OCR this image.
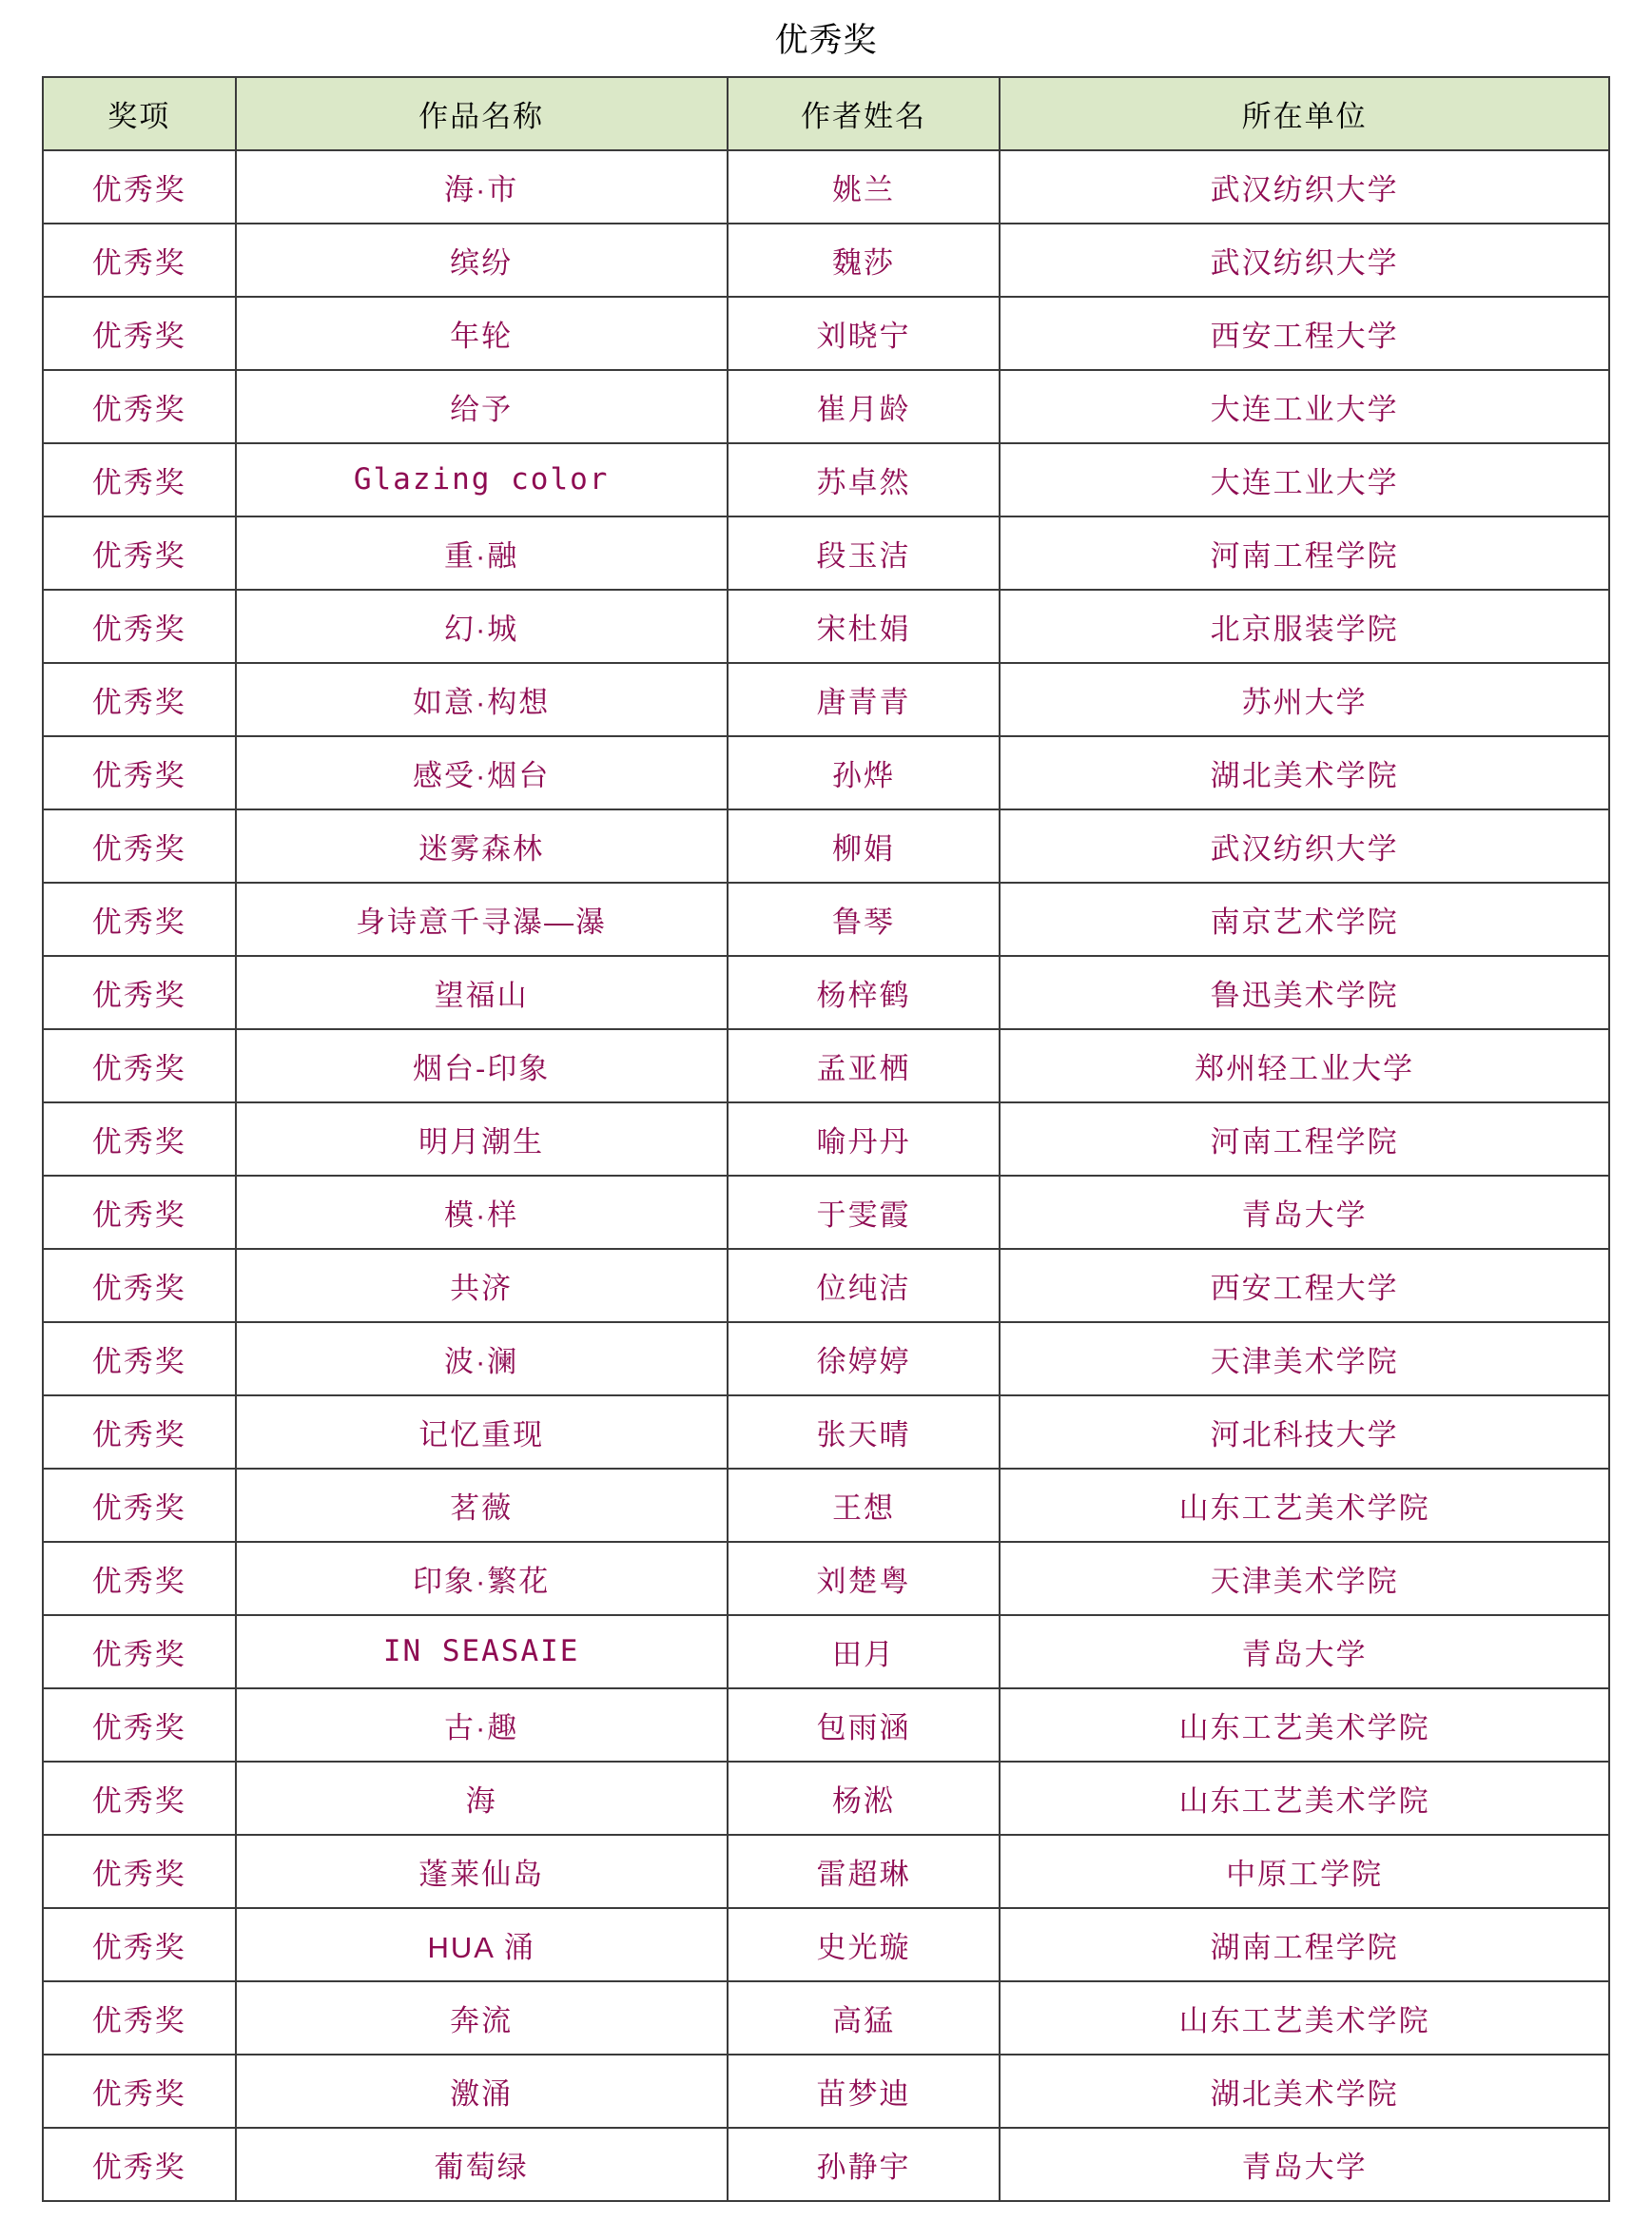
优秀奖
奖项	作品名称	作者姓名	所在单位
优秀奖	海·市	姚兰	武汉纺织大学
优秀奖	缤纷	魏莎	武汉纺织大学
优秀奖	年轮	刘晓宁	西安工程大学
优秀奖	给予	崔月龄	大连工业大学
优秀奖	Glazing color	苏卓然	大连工业大学
优秀奖	重·融	段玉洁	河南工程学院
优秀奖	幻·城	宋杜娟	北京服装学院
优秀奖	如意·构想	唐青青	苏州大学
优秀奖	感受·烟台	孙烨	湖北美术学院
优秀奖	迷雾森林	柳娟	武汉纺织大学
优秀奖	身诗意千寻瀑—瀑	鲁琴	南京艺术学院
优秀奖	望福山	杨梓鹤	鲁迅美术学院
优秀奖	烟台-印象	孟亚栖	郑州轻工业大学
优秀奖	明月潮生	喻丹丹	河南工程学院
优秀奖	模·样	于雯霞	青岛大学
优秀奖	共济	位纯洁	西安工程大学
优秀奖	波·澜	徐婷婷	天津美术学院
优秀奖	记忆重现	张天晴	河北科技大学
优秀奖	茗薇	王想	山东工艺美术学院
优秀奖	印象·繁花	刘楚粤	天津美术学院
优秀奖	IN SEASAIE	田月	青岛大学
优秀奖	古·趣	包雨涵	山东工艺美术学院
优秀奖	海	杨淞	山东工艺美术学院
优秀奖	蓬莱仙岛	雷超琳	中原工学院
优秀奖	HUA 涌	史光璇	湖南工程学院
优秀奖	奔流	高猛	山东工艺美术学院
优秀奖	激涌	苗梦迪	湖北美术学院
优秀奖	葡萄绿	孙静宇	青岛大学
